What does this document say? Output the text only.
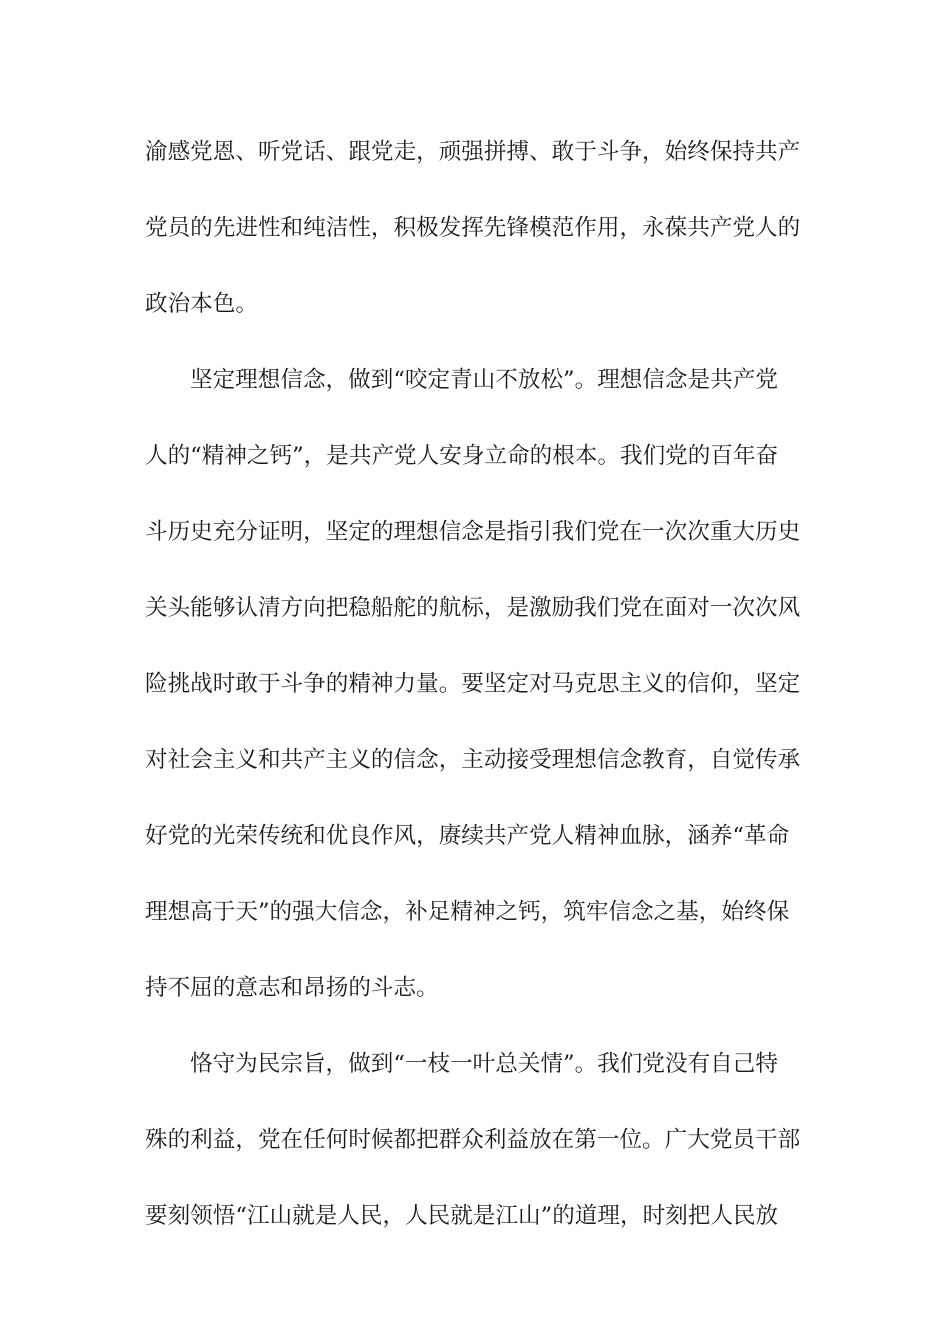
渝感党恩、听党话、跟党走，顽强拼搏、敢于斗争，始终保持共产
党员的先进性和纯洁性，积极发挥先锋模范作用，永葆共产党人的
政治本色。
坚定理想信念，做到“咬定青山不放松”。理想信念是共产党
人的“精神之钙”，是共产党人安身立命的根本。我们党的百年奋
斗历史充分证明，坚定的理想信念是指引我们党在一次次重大历史
关头能够认清方向把稳船舵的航标，是激励我们党在面对一次次风
险挑战时敢于斗争的精神力量。要坚定对马克思主义的信仰，坚定
对社会主义和共产主义的信念，主动接受理想信念教育，自觉传承
好党的光荣传统和优良作风，赓续共产党人精神血脉，涵养“革命
理想高于天”的强大信念，补足精神之钙，筑牢信念之基，始终保
持不屈的意志和昂扬的斗志。
恪守为民宗旨，做到“一枝一叶总关情”。我们党没有自己特
殊的利益，党在任何时候都把群众利益放在第一位。广大党员干部
要刻领悟“江山就是人民，人民就是江山”的道理，时刻把人民放
